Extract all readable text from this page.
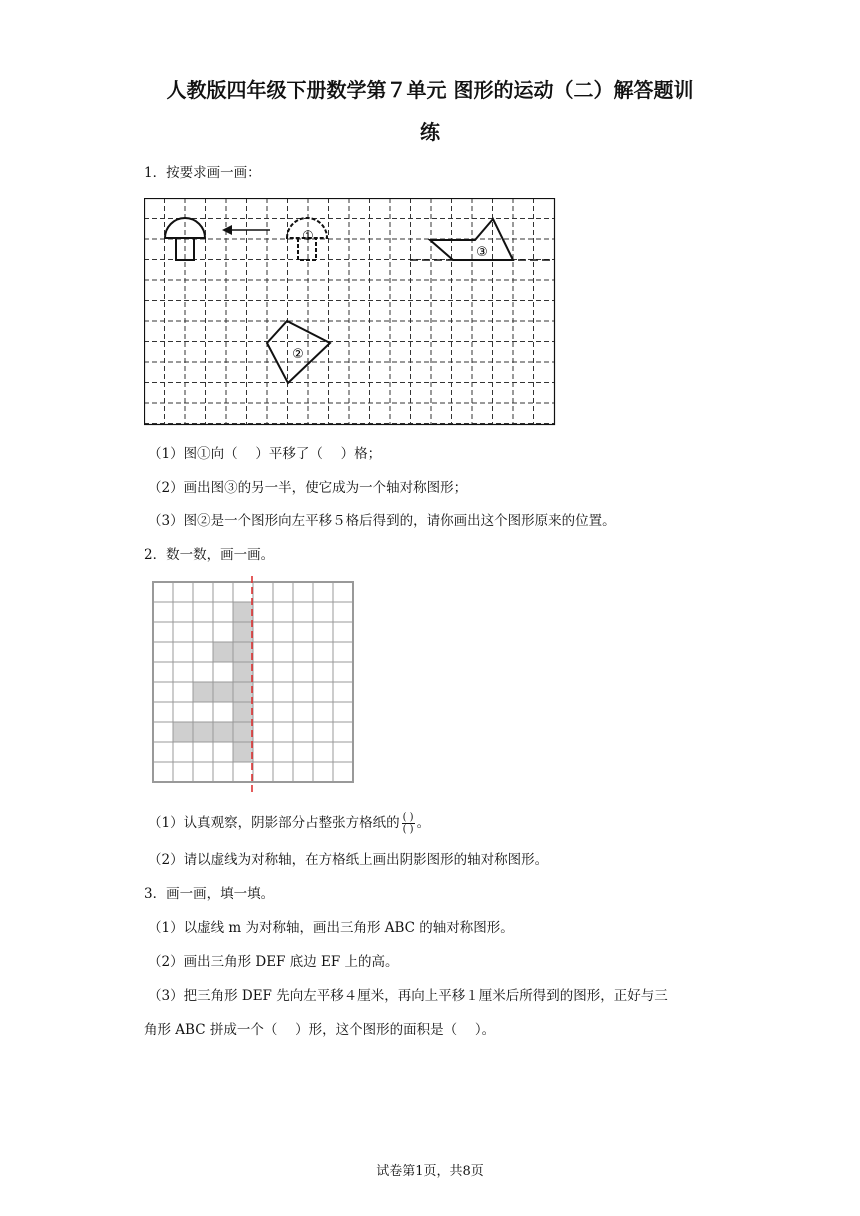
人教版四年级下册数学第７单元 图形的运动（二）解答题训
练
1．按要求画一画：
①
③
②
（1）图①向（　 ）平移了（　 ）格；
（2）画出图③的另一半，使它成为一个轴对称图形；
（3）图②是一个图形向左平移５格后得到的，请你画出这个图形原来的位置。
2．数一数，画一画。
（1）认真观察，阴影部分占整张方格纸的 $\frac{( )}{( )}$ 。
（2）请以虚线为对称轴，在方格纸上画出阴影图形的轴对称图形。
3．画一画，填一填。
（1）以虚线 m 为对称轴，画出三角形 ABC 的轴对称图形。
（2）画出三角形 DEF 底边 EF 上的高。
（3）把三角形 DEF 先向左平移４厘米，再向上平移１厘米后所得到的图形，正好与三
角形 ABC 拼成一个（　 ）形，这个图形的面积是（　 ）。
试卷第1页，共8页
